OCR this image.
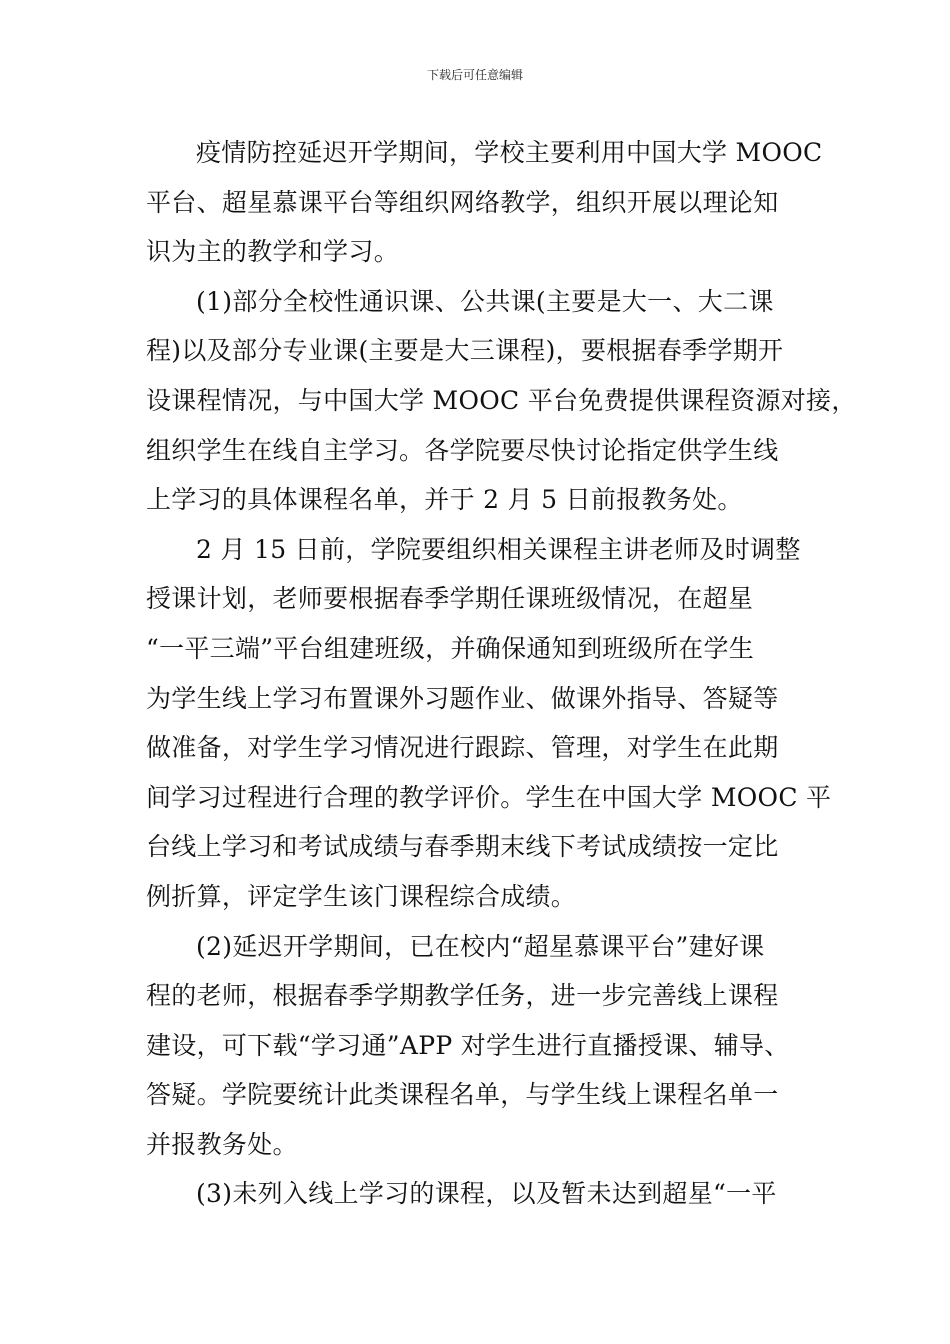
下载后可任意编辑
疫情防控延迟开学期间，学校主要利用中国大学 MOOC
平台、超星慕课平台等组织网络教学，组织开展以理论知
识为主的教学和学习。
(1)部分全校性通识课、公共课(主要是大一、大二课
程)以及部分专业课(主要是大三课程)，要根据春季学期开
设课程情况，与中国大学 MOOC 平台免费提供课程资源对接，
组织学生在线自主学习。各学院要尽快讨论指定供学生线
上学习的具体课程名单，并于 2 月 5 日前报教务处。
2 月 15 日前，学院要组织相关课程主讲老师及时调整
授课计划，老师要根据春季学期任课班级情况，在超星
“一平三端”平台组建班级，并确保通知到班级所在学生
为学生线上学习布置课外习题作业、做课外指导、答疑等
做准备，对学生学习情况进行跟踪、管理，对学生在此期
间学习过程进行合理的教学评价。学生在中国大学 MOOC 平
台线上学习和考试成绩与春季期末线下考试成绩按一定比
例折算，评定学生该门课程综合成绩。
(2)延迟开学期间，已在校内“超星慕课平台”建好课
程的老师，根据春季学期教学任务，进一步完善线上课程
建设，可下载“学习通”APP 对学生进行直播授课、辅导、
答疑。学院要统计此类课程名单，与学生线上课程名单一
并报教务处。
(3)未列入线上学习的课程，以及暂未达到超星“一平
